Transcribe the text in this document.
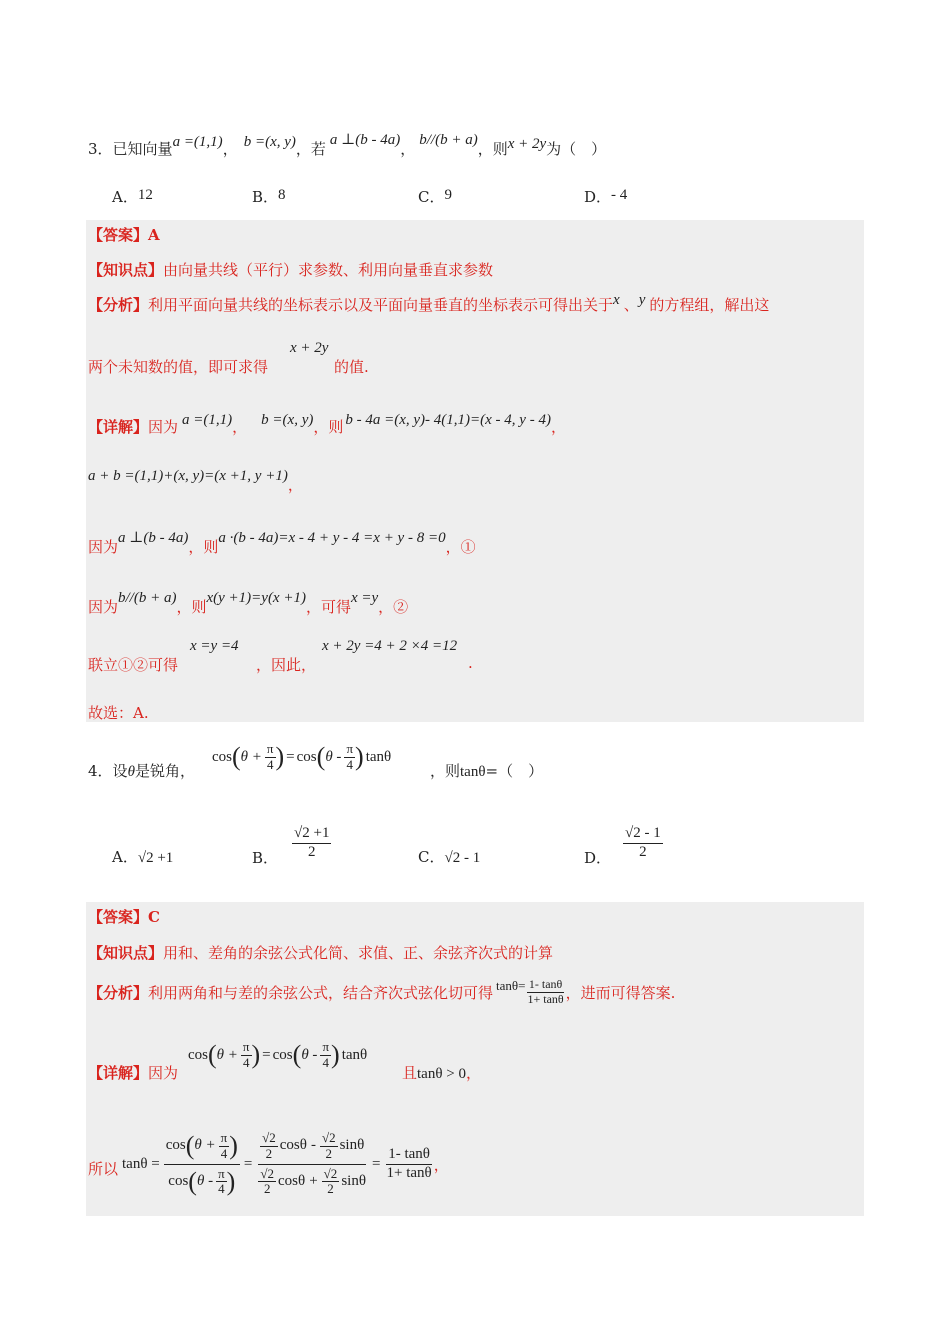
3．已知向量a =(1,1)， b =(x, y)，若 a ⊥(b - 4a)， b//(b + a)，则x + 2y为（　）
A．12	B．8	C．9	D．- 4
【答案】A
【知识点】由向量共线（平行）求参数、利用向量垂直求参数
【分析】利用平面向量共线的坐标表示以及平面向量垂直的坐标表示可得出关于x 、y 的方程组，解出这
两个未知数的值，即可求得
x + 2y
的值.
【详解】因为 a =(1,1)， b =(x, y)，则 b - 4a =(x, y)- 4(1,1)=(x - 4, y - 4)，
a + b =(1,1)+(x, y)=(x +1, y +1)，
因为a ⊥(b - 4a)，则a ·(b - 4a)=x - 4 + y - 4 =x + y - 8 =0，①
因为b//(b + a)，则x(y +1)=y(x +1)，可得x =y，②
联立①②可得
x =y =4
，因此，
x + 2y =4 + 2 ×4 =12
.
故选：A.
4．设θ是锐角，
cos ( $\theta + \frac{\pi}{4}$ ) = cos ( θ - $\frac{\pi}{4}$ ) tanθ
，则tanθ=（　）
A．√2 +1	B． $\frac{√2 +1}{2}$	C．√2 - 1	D． $\frac{√2 - 1}{2}$
【答案】C
【知识点】用和、差角的余弦公式化简、求值、正、余弦齐次式的计算
【分析】 利用两角和与差的余弦公式，结合齐次式弦化切可得 $\tan\theta = \frac{1- \tan\theta}{1+ \tan\theta}$ ，进而可得答案.
【详解】因为
cos ( $\theta + \frac{\pi}{4}$ ) = cos ( θ - $\frac{\pi}{4}$ ) tanθ
且tanθ > 0，
所以 $\tan\theta = \frac{\cos ( \theta + \frac{\pi}{4} )}{\cos ( \theta - \frac{\pi}{4} )} = \frac{\frac{√2}{2} \cos\theta - \frac{√2}{2} \sin\theta}{\frac{√2}{2} \cos\theta + \frac{√2}{2} \sin\theta} = \frac{1- \tan\theta}{1+ \tan\theta}$ ，
